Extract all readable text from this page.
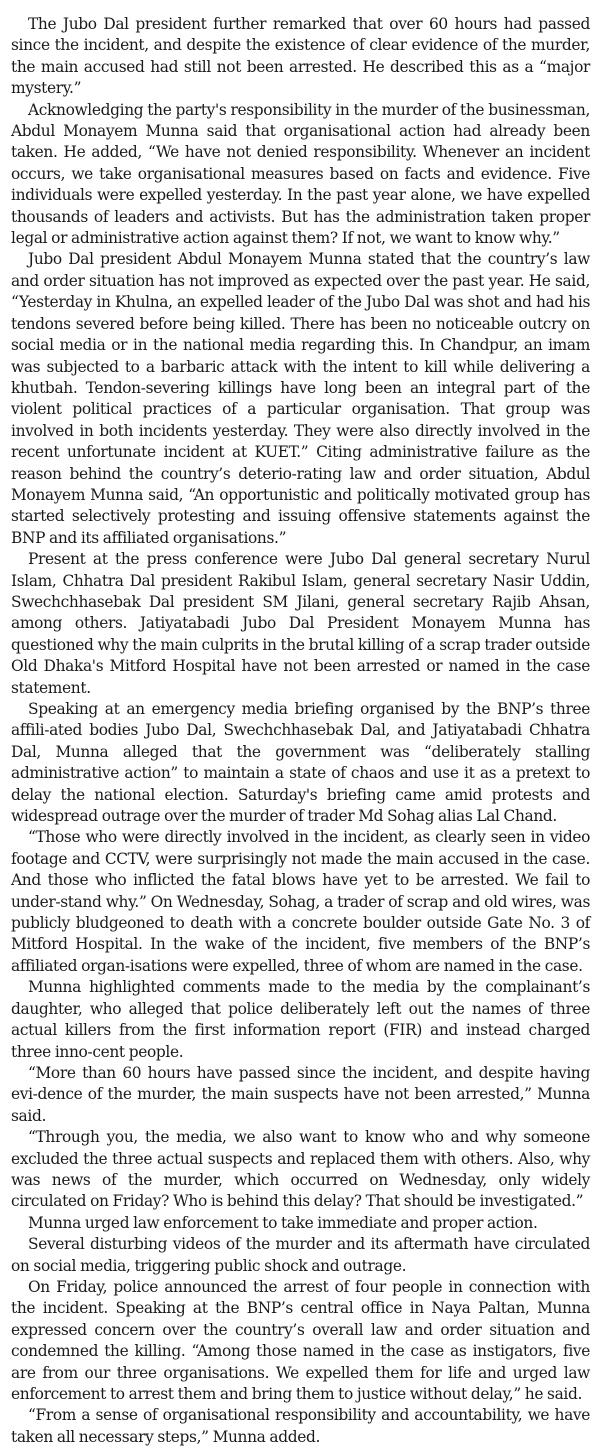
The Jubo Dal president further remarked that over 60 hours had passed since the incident, and despite the existence of clear evidence of the murder, the main accused had still not been arrested. He described this as a “major mystery.”

Acknowledging the party's responsibility in the murder of the businessman, Abdul Monayem Munna said that organisational action had already been taken. He added, “We have not denied responsibility. Whenever an incident occurs, we take organisational measures based on facts and evidence. Five individuals were expelled yesterday. In the past year alone, we have expelled thousands of leaders and activists. But has the administration taken proper legal or administrative action against them? If not, we want to know why.”

Jubo Dal president Abdul Monayem Munna stated that the country’s law and order situation has not improved as expected over the past year. He said, “Yesterday in Khulna, an expelled leader of the Jubo Dal was shot and had his tendons severed before being killed. There has been no noticeable outcry on social media or in the national media regarding this. In Chandpur, an imam was subjected to a barbaric attack with the intent to kill while delivering a khutbah. Tendon-severing killings have long been an integral part of the violent political practices of a particular organisation. That group was involved in both incidents yesterday. They were also directly involved in the recent unfortunate incident at KUET.” Citing administrative failure as the reason behind the country’s deterio-rating law and order situation, Abdul Monayem Munna said, “An opportunistic and politically motivated group has started selectively protesting and issuing offensive statements against the BNP and its affiliated organisations.”

Present at the press conference were Jubo Dal general secretary Nurul Islam, Chhatra Dal president Rakibul Islam, general secretary Nasir Uddin, Swechchhasebak Dal president SM Jilani, general secretary Rajib Ahsan, among others. Jatiyatabadi Jubo Dal President Monayem Munna has questioned why the main culprits in the brutal killing of a scrap trader outside Old Dhaka's Mitford Hospital have not been arrested or named in the case statement.

Speaking at an emergency media briefing organised by the BNP’s three affili-ated bodies Jubo Dal, Swechchhasebak Dal, and Jatiyatabadi Chhatra Dal, Munna alleged that the government was “deliberately stalling administrative action” to maintain a state of chaos and use it as a pretext to delay the national election. Saturday's briefing came amid protests and widespread outrage over the murder of trader Md Sohag alias Lal Chand.

“Those who were directly involved in the incident, as clearly seen in video footage and CCTV, were surprisingly not made the main accused in the case. And those who inflicted the fatal blows have yet to be arrested. We fail to under-stand why.” On Wednesday, Sohag, a trader of scrap and old wires, was publicly bludgeoned to death with a concrete boulder outside Gate No. 3 of Mitford Hospital. In the wake of the incident, five members of the BNP’s affiliated organ-isations were expelled, three of whom are named in the case.

Munna highlighted comments made to the media by the complainant’s daughter, who alleged that police deliberately left out the names of three actual killers from the first information report (FIR) and instead charged three inno-cent people.

“More than 60 hours have passed since the incident, and despite having evi-dence of the murder, the main suspects have not been arrested,” Munna said.

“Through you, the media, we also want to know who and why someone excluded the three actual suspects and replaced them with others. Also, why was news of the murder, which occurred on Wednesday, only widely circulated on Friday? Who is behind this delay? That should be investigated.”

Munna urged law enforcement to take immediate and proper action.

Several disturbing videos of the murder and its aftermath have circulated on social media, triggering public shock and outrage.

On Friday, police announced the arrest of four people in connection with the incident. Speaking at the BNP’s central office in Naya Paltan, Munna expressed concern over the country’s overall law and order situation and condemned the killing. “Among those named in the case as instigators, five are from our three organisations. We expelled them for life and urged law enforcement to arrest them and bring them to justice without delay,” he said.

“From a sense of organisational responsibility and accountability, we have taken all necessary steps,” Munna added.
